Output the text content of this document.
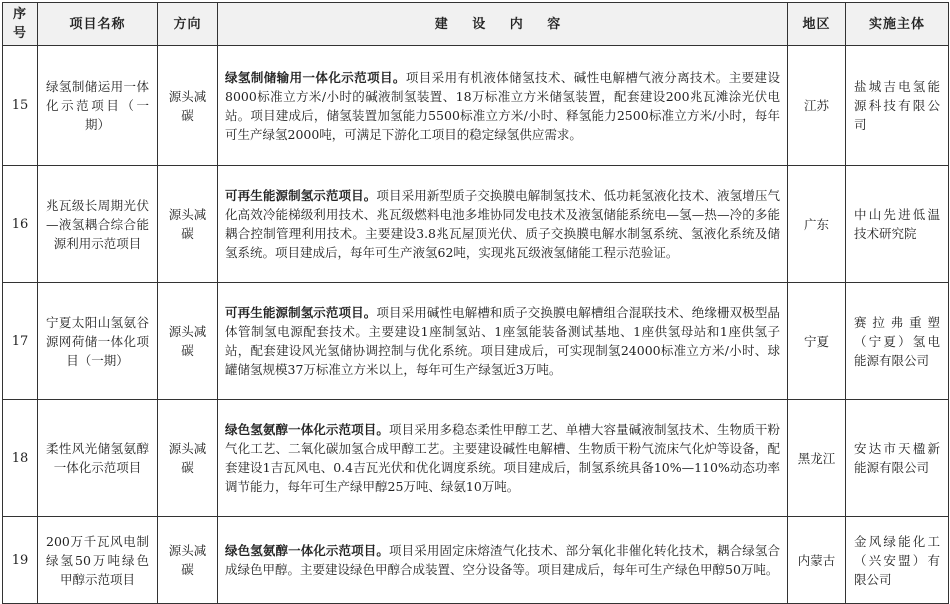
序号	项目名称	方向	建 设 内 容	地区	实施主体
15	绿氢制储运用一体化示范项目（一期）	源头减碳	绿氢制储输用一体化示范项目。项目采用有机液体储氢技术、碱性电解槽气液分离技术。主要建设8000标准立方米/小时的碱液制氢装置、18万标准立方米储氢装置，配套建设200兆瓦滩涂光伏电站。项目建成后，储氢装置加氢能力5500标准立方米/小时、释氢能力2500标准立方米/小时，每年可生产绿氢2000吨，可满足下游化工项目的稳定绿氢供应需求。	江苏	盐城吉电氢能源科技有限公司
16	兆瓦级长周期光伏—液氢耦合综合能源利用示范项目	源头减碳	可再生能源制氢示范项目。项目采用新型质子交换膜电解制氢技术、低功耗氢液化技术、液氢增压气化高效冷能梯级利用技术、兆瓦级燃料电池多堆协同发电技术及液氢储能系统电—氢—热—冷的多能耦合控制管理利用技术。主要建设3.8兆瓦屋顶光伏、质子交换膜电解水制氢系统、氢液化系统及储氢系统。项目建成后，每年可生产液氢62吨，实现兆瓦级液氢储能工程示范验证。	广东	中山先进低温技术研究院
17	宁夏太阳山氢氨谷源网荷储一体化项目（一期）	源头减碳	可再生能源制氢示范项目。项目采用碱性电解槽和质子交换膜电解槽组合混联技术、绝缘栅双极型晶体管制氢电源配套技术。主要建设1座制氢站、1座氢能装备测试基地、1座供氢母站和1座供氢子站，配套建设风光氢储协调控制与优化系统。项目建成后，可实现制氢24000标准立方米/小时、球罐储氢规模37万标准立方米以上，每年可生产绿氢近3万吨。	宁夏	赛拉弗重塑（宁夏）氢电能源有限公司
18	柔性风光储氢氨醇一体化示范项目	源头减碳	绿色氢氨醇一体化示范项目。项目采用多稳态柔性甲醇工艺、单槽大容量碱液制氢技术、生物质干粉气化工艺、二氧化碳加氢合成甲醇工艺。主要建设碱性电解槽、生物质干粉气流床气化炉等设备，配套建设1吉瓦风电、0.4吉瓦光伏和优化调度系统。项目建成后，制氢系统具备10%—110%动态功率调节能力，每年可生产绿甲醇25万吨、绿氨10万吨。	黑龙江	安达市天楹新能源有限公司
19	200万千瓦风电制绿氢50万吨绿色甲醇示范项目	源头减碳	绿色氢氨醇一体化示范项目。项目采用固定床熔渣气化技术、部分氧化非催化转化技术，耦合绿氢合成绿色甲醇。主要建设绿色甲醇合成装置、空分设备等。项目建成后，每年可生产绿色甲醇50万吨。	内蒙古	金风绿能化工（兴安盟）有限公司
